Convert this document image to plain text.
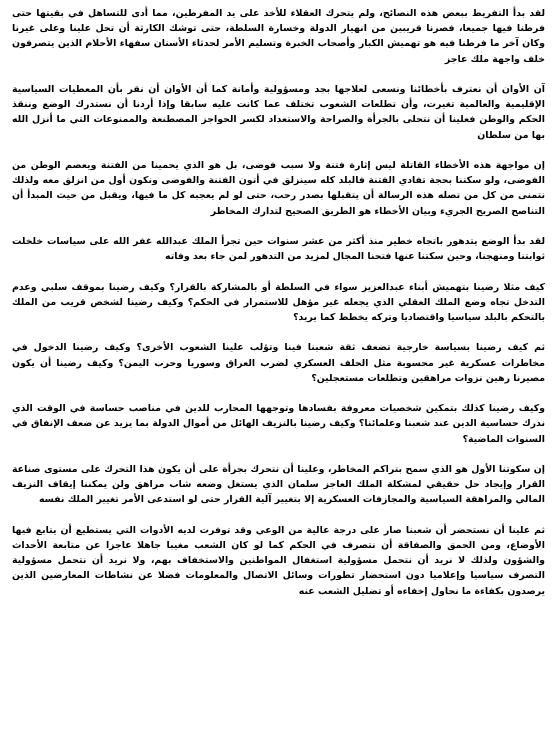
لقد بدأ التفريط ببعض هذه النصائح، ولم يتحرك العقلاء للأخذ على يد المفرطين، مما أدى للتساهل في بقيتها حتى فرطنا فيها جميعا، فصرنا قريبين من انهيار الدولة وخسارة السلطة، حتى توشك الكارثة أن تحل علينا وعلى غيرنا وكان آخر ما فرطنا فيه هو تهميش الكبار وأصحاب الخبرة وتسليم الأمر لحدثاء الأسنان سفهاء الأحلام الذين يتصرفون خلف واجهة ملك عاجز

آن الأوان أن نعترف بأخطائنا ونسعى لعلاجها بجد ومسؤولية وأمانة كما أن الأوان أن نقر بأن المعطيات السياسية الإقليمية والعالمية تغيرت، وأن تطلعات الشعوب تختلف عما كانت عليه سابقا وإذا أردنا أن نستدرك الوضع وننقذ الحكم والوطن فعلينا أن نتحلى بالجرأة والصراحة والاستعداد لكسر الحواجز المصطنعة والممنوعات التي ما أنزل الله بها من سلطان

إن مواجهة هذه الأخطاء القاتلة ليس إثارة فتنة ولا سبب فوضى، بل هو الذي يحمينا من الفتنة ويعصم الوطن من الفوضى، ولو سكتنا بحجة تفادي الفتنة فالبلد كله سينزلق في أتون الفتنة والفوضى ونكون أول من انزلق معه ولذلك نتمنى من كل من تصله هذه الرسالة أن يتقبلها بصدر رحب، حتى لو لم يعجبه كل ما فيها، ويقبل من حيث المبدأ أن التناصح الصريح الجريء وبيان الأخطاء هو الطريق الصحيح لتدارك المخاطر

لقد بدأ الوضع يتدهور باتجاه خطير منذ أكثر من عشر سنوات حين تجرأ الملك عبدالله غفر الله على سياسات خلخلت ثوابتنا ومنهجنا، وحين سكتنا عنها فتحنا المجال لمزيد من التدهور لمن جاء بعد وفاته

كيف مثلا رضينا بتهميش أبناء عبدالعزيز سواء في السلطة أو بالمشاركة بالقرار؟ وكيف رضينا بموقف سلبي وعدم التدخل تجاه وضع الملك العقلي الذي يجعله غير مؤهل للاستمرار في الحكم؟ وكيف رضينا لشخص قريب من الملك بالتحكم بالبلد سياسيا واقتصاديا وتركه يخطط كما يريد؟

ثم كيف رضينا بسياسة خارجية تضعف ثقة شعبنا فينا وتؤلب علينا الشعوب الأخرى؟ وكيف رضينا الدخول في مخاطرات عسكرية غير محسوبة مثل الحلف العسكري لضرب العراق وسوريا وحرب اليمن؟ وكيف رضينا أن يكون مصيرنا رهين نزوات مراهقين وتطلعات مستعجلين؟

وكيف رضينا كذلك بتمكين شخصيات معروفة بفسادها وتوجهها المحارب للدين في مناصب حساسة في الوقت الذي ندرك حساسية الدين عند شعبنا وعلمائنا؟ وكيف رضينا بالنزيف الهائل من أموال الدولة بما يزيد عن ضعف الإنفاق في السنوات الماضية؟

إن سكوتنا الأول هو الذي سمح بتراكم المخاطر، وعلينا أن نتحرك بجرأة على أن يكون هذا التحرك على مستوى صناعة القرار وإيجاد حل حقيقي لمشكلة الملك العاجز سلمان الذي يستغل وضعه شاب مراهق ولن يمكننا إيقاف النزيف المالي والمراهقة السياسية والمجازفات العسكرية إلا بتغيير آلية القرار حتى لو استدعى الأمر تغيير الملك نفسه

ثم علينا أن نستحضر أن شعبنا صار على درجة عالية من الوعي وقد توفرت لديه الأدوات التي يستطيع أن يتابع فيها الأوضاع، ومن الحمق والصفاقة أن نتصرف في الحكم كما لو كان الشعب مغيبا جاهلا عاجزا عن متابعة الأحداث والشؤون ولذلك لا نريد أن نتحمل مسؤولية استغفال المواطنين والاستخفاف بهم، ولا نريد أن نتحمل مسؤولية التصرف سياسيا وإعلاميا دون استحضار تطورات وسائل الاتصال والمعلومات فضلا عن نشاطات المعارضين الذين يرصدون بكفاءة ما نحاول إخفاءه أو تضليل الشعب عنه
